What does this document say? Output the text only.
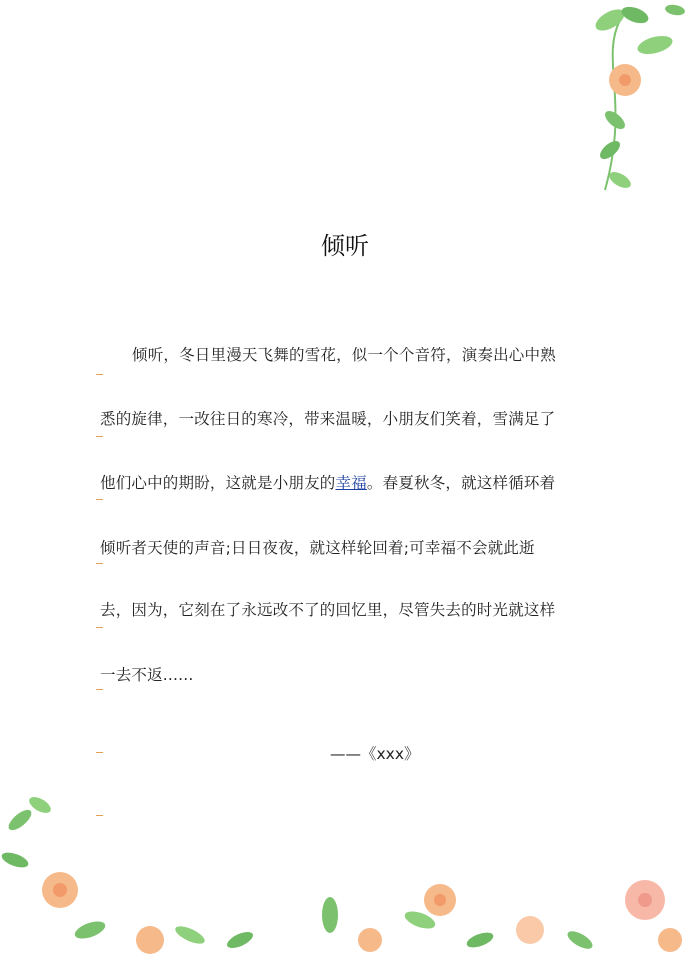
倾听
倾听，冬日里漫天飞舞的雪花，似一个个音符，演奏出心中熟
悉的旋律，一改往日的寒冷，带来温暖，小朋友们笑着，雪满足了
他们心中的期盼，这就是小朋友的幸福。春夏秋冬，就这样循环着
倾听者天使的声音;日日夜夜，就这样轮回着;可幸福不会就此逝
去，因为，它刻在了永远改不了的回忆里，尽管失去的时光就这样
一去不返......
——《xxx》
